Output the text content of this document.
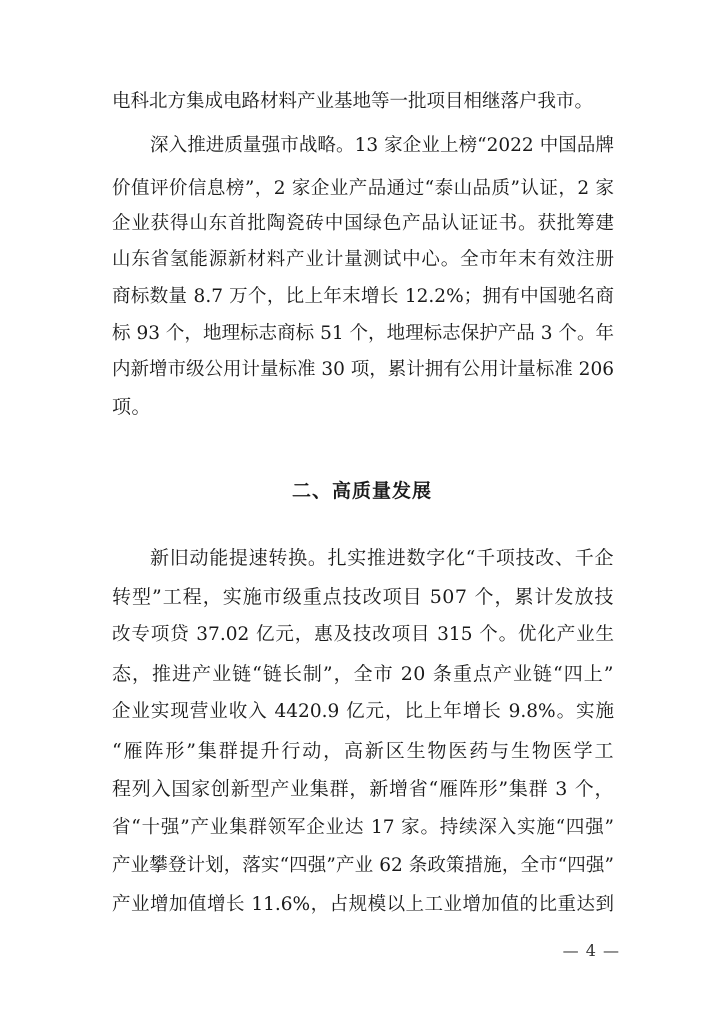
电科北方集成电路材料产业基地等一批项目相继落户我市。
深入推进质量强市战略。13 家企业上榜“2022 中国品牌
价值评价信息榜”，2 家企业产品通过“泰山品质”认证，2 家
企业获得山东首批陶瓷砖中国绿色产品认证证书。获批筹建
山东省氢能源新材料产业计量测试中心。全市年末有效注册
商标数量 8.7 万个，比上年末增长 12.2%；拥有中国驰名商
标 93 个，地理标志商标 51 个，地理标志保护产品 3 个。年
内新增市级公用计量标准 30 项，累计拥有公用计量标准 206
项。
二、高质量发展
新旧动能提速转换。扎实推进数字化“千项技改、千企
转型”工程，实施市级重点技改项目 507 个，累计发放技
改专项贷 37.02 亿元，惠及技改项目 315 个。优化产业生
态，推进产业链“链长制”，全市 20 条重点产业链“四上”
企业实现营业收入 4420.9 亿元，比上年增长 9.8%。实施
“雁阵形”集群提升行动，高新区生物医药与生物医学工
程列入国家创新型产业集群，新增省“雁阵形”集群 3 个，
省“十强”产业集群领军企业达 17 家。持续深入实施“四强”
产业攀登计划，落实“四强”产业 62 条政策措施，全市“四强”
产业增加值增长 11.6%，占规模以上工业增加值的比重达到
— 4 —
